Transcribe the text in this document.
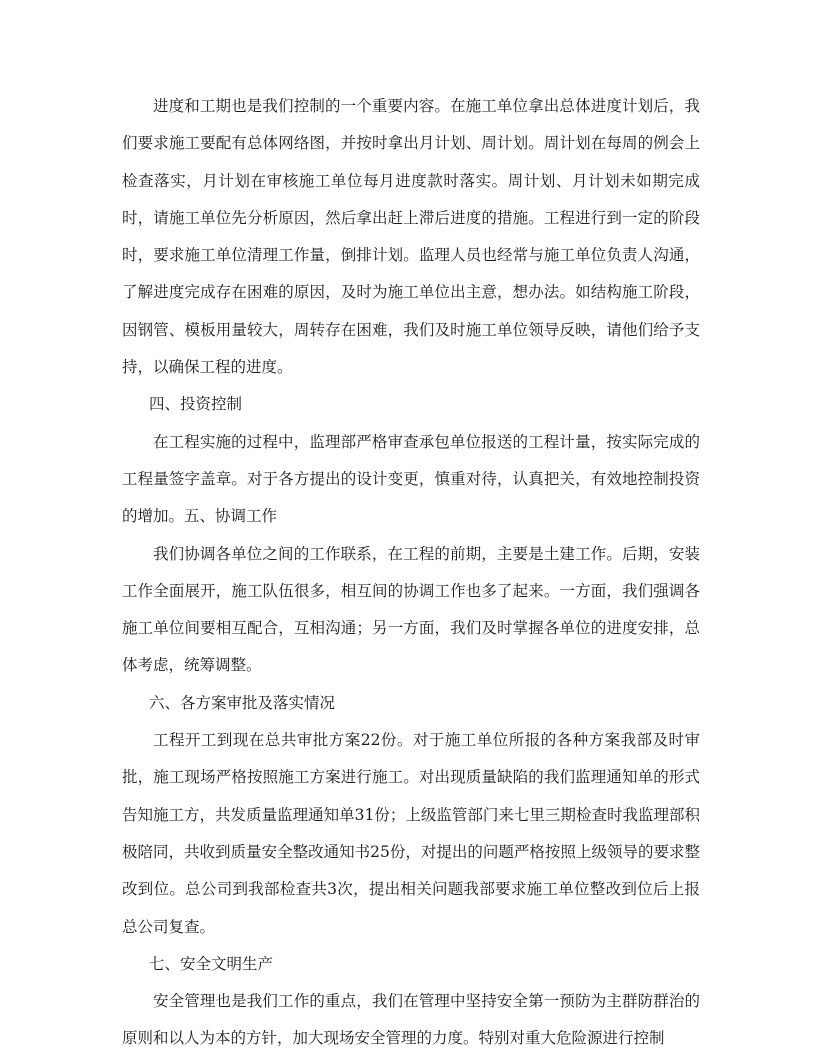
进度和工期也是我们控制的一个重要内容。在施工单位拿出总体进度计划后，我们要求施工要配有总体网络图，并按时拿出月计划、周计划。周计划在每周的例会上检查落实，月计划在审核施工单位每月进度款时落实。周计划、月计划未如期完成时，请施工单位先分析原因，然后拿出赶上滞后进度的措施。工程进行到一定的阶段时，要求施工单位清理工作量，倒排计划。监理人员也经常与施工单位负责人沟通，了解进度完成存在困难的原因，及时为施工单位出主意，想办法。如结构施工阶段，因钢管、模板用量较大，周转存在困难，我们及时施工单位领导反映，请他们给予支持，以确保工程的进度。

四、投资控制

在工程实施的过程中，监理部严格审查承包单位报送的工程计量，按实际完成的工程量签字盖章。对于各方提出的设计变更，慎重对待，认真把关，有效地控制投资的增加。五、协调工作

我们协调各单位之间的工作联系，在工程的前期，主要是土建工作。后期，安装工作全面展开，施工队伍很多，相互间的协调工作也多了起来。一方面，我们强调各施工单位间要相互配合，互相沟通；另一方面，我们及时掌握各单位的进度安排，总体考虑，统筹调整。

六、各方案审批及落实情况

工程开工到现在总共审批方案22份。对于施工单位所报的各种方案我部及时审批，施工现场严格按照施工方案进行施工。对出现质量缺陷的我们监理通知单的形式告知施工方，共发质量监理通知单31份；上级监管部门来七里三期检查时我监理部积极陪同，共收到质量安全整改通知书25份，对提出的问题严格按照上级领导的要求整改到位。总公司到我部检查共3次，提出相关问题我部要求施工单位整改到位后上报总公司复查。

七、安全文明生产

安全管理也是我们工作的重点，我们在管理中坚持安全第一预防为主群防群治的原则和以人为本的方针，加大现场安全管理的力度。特别对重大危险源进行控制
